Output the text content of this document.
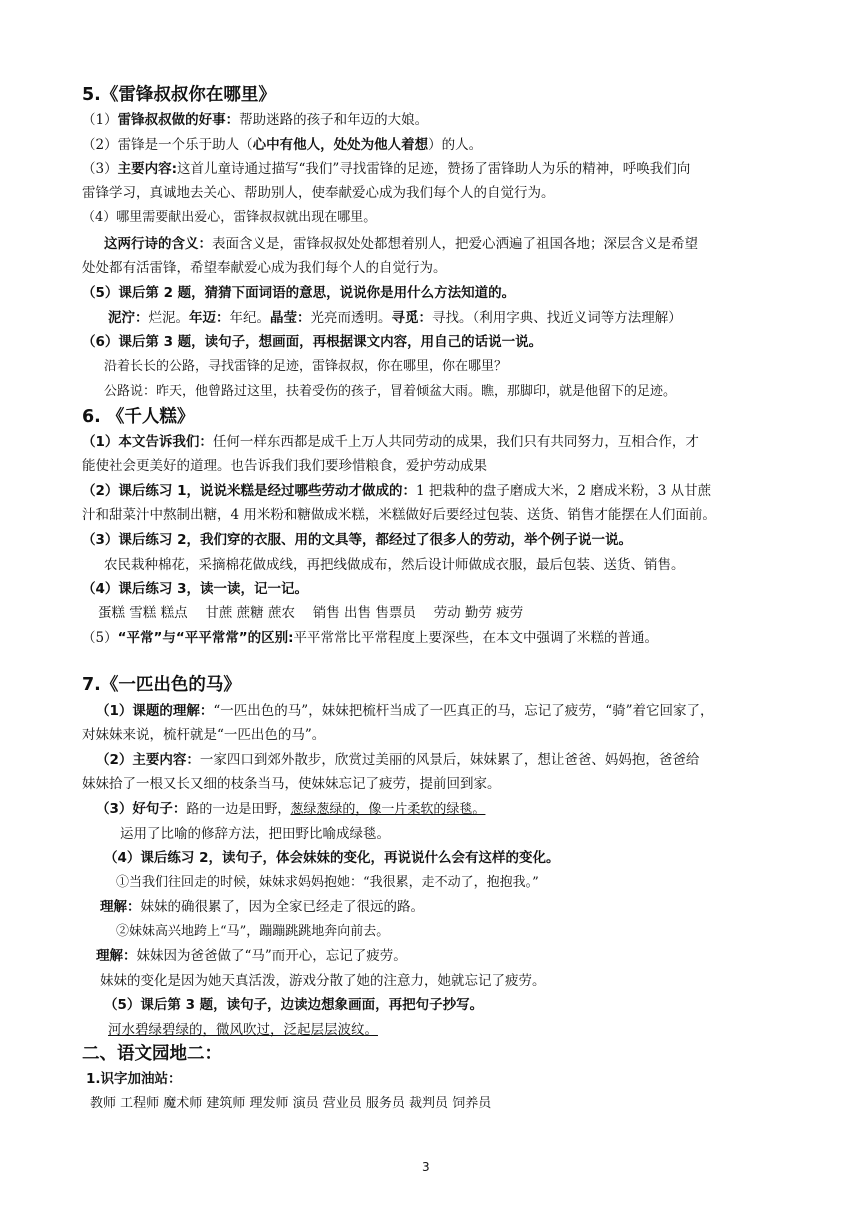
5.《雷锋叔叔你在哪里》
（1）雷锋叔叔做的好事：帮助迷路的孩子和年迈的大娘。
（2）雷锋是一个乐于助人（心中有他人，处处为他人着想）的人。
（3）主要内容:这首儿童诗通过描写“我们”寻找雷锋的足迹，赞扬了雷锋助人为乐的精神，呼唤我们向
雷锋学习，真诚地去关心、帮助别人，使奉献爱心成为我们每个人的自觉行为。
（4）哪里需要献出爱心，雷锋叔叔就出现在哪里。
这两行诗的含义：表面含义是，雷锋叔叔处处都想着别人，把爱心洒遍了祖国各地；深层含义是希望
处处都有活雷锋，希望奉献爱心成为我们每个人的自觉行为。
（5）课后第 2 题，猜猜下面词语的意思，说说你是用什么方法知道的。
泥泞：烂泥。年迈：年纪。晶莹：光亮而透明。寻觅：寻找。（利用字典、找近义词等方法理解）
（6）课后第 3 题，读句子，想画面，再根据课文内容，用自己的话说一说。
沿着长长的公路，寻找雷锋的足迹，雷锋叔叔，你在哪里，你在哪里？
公路说：昨天，他曾路过这里，扶着受伤的孩子，冒着倾盆大雨。瞧，那脚印，就是他留下的足迹。
6. 《千人糕》
（1）本文告诉我们：任何一样东西都是成千上万人共同劳动的成果，我们只有共同努力，互相合作，才
能使社会更美好的道理。也告诉我们我们要珍惜粮食，爱护劳动成果
（2）课后练习 1，说说米糕是经过哪些劳动才做成的：1 把栽种的盘子磨成大米，2 磨成米粉，3 从甘蔗
汁和甜菜汁中熬制出糖，4 用米粉和糖做成米糕，米糕做好后要经过包装、送货、销售才能摆在人们面前。
（3）课后练习 2，我们穿的衣服、用的文具等，都经过了很多人的劳动，举个例子说一说。
农民栽种棉花，采摘棉花做成线，再把线做成布，然后设计师做成衣服，最后包装、送货、销售。
（4）课后练习 3，读一读，记一记。
蛋糕 雪糕 糕点　 甘蔗 蔗糖 蔗农　 销售 出售 售票员　 劳动 勤劳 疲劳
（5）“平常”与“平平常常”的区别:平平常常比平常程度上要深些，在本文中强调了米糕的普通。
7.《一匹出色的马》
（1）课题的理解：“一匹出色的马”，妹妹把梳杆当成了一匹真正的马，忘记了疲劳，“骑”着它回家了，
对妹妹来说，梳杆就是“一匹出色的马”。
（2）主要内容：一家四口到郊外散步，欣赏过美丽的风景后，妹妹累了，想让爸爸、妈妈抱，爸爸给
妹妹拾了一根又长又细的枝条当马，使妹妹忘记了疲劳，提前回到家。
（3）好句子：路的一边是田野，葱绿葱绿的，像一片柔软的绿毯。
运用了比喻的修辞方法，把田野比喻成绿毯。
（4）课后练习 2，读句子，体会妹妹的变化，再说说什么会有这样的变化。
①当我们往回走的时候，妹妹求妈妈抱她：“我很累，走不动了，抱抱我。”
理解：妹妹的确很累了，因为全家已经走了很远的路。
②妹妹高兴地跨上“马”，蹦蹦跳跳地奔向前去。
理解：妹妹因为爸爸做了“马”而开心，忘记了疲劳。
妹妹的变化是因为她天真活泼，游戏分散了她的注意力，她就忘记了疲劳。
（5）课后第 3 题，读句子，边读边想象画面，再把句子抄写。
河水碧绿碧绿的，微风吹过，泛起层层波纹。
二、语文园地二：
1.识字加油站：
教师 工程师 魔术师 建筑师 理发师 演员 营业员 服务员 裁判员 饲养员
3
